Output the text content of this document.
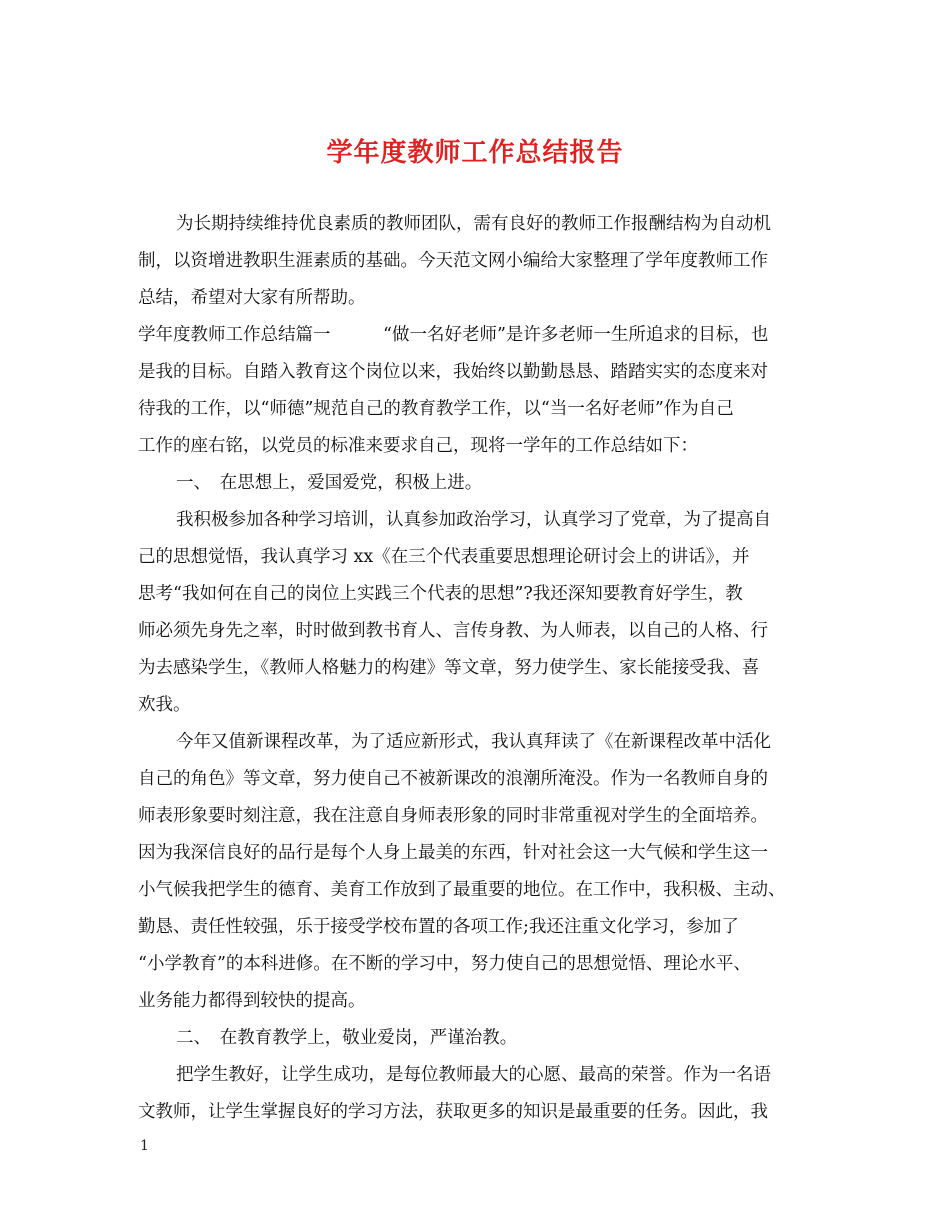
学年度教师工作总结报告
为长期持续维持优良素质的教师团队，需有良好的教师工作报酬结构为自动机
制，以资增进教职生涯素质的基础。今天范文网小编给大家整理了学年度教师工作
总结，希望对大家有所帮助。
学年度教师工作总结篇一　　　“做一名好老师”是许多老师一生所追求的目标，也
是我的目标。自踏入教育这个岗位以来，我始终以勤勤恳恳、踏踏实实的态度来对
待我的工作，以“师德”规范自己的教育教学工作，以“当一名好老师”作为自己
工作的座右铭，以党员的标准来要求自己，现将一学年的工作总结如下：
一、　在思想上，爱国爱党，积极上进。
我积极参加各种学习培训，认真参加政治学习，认真学习了党章，为了提高自
己的思想觉悟，我认真学习 xx《在三个代表重要思想理论研讨会上的讲话》，并
思考“我如何在自己的岗位上实践三个代表的思想”?我还深知要教育好学生，教
师必须先身先之率，时时做到教书育人、言传身教、为人师表，以自己的人格、行
为去感染学生，《教师人格魅力的构建》等文章，努力使学生、家长能接受我、喜
欢我。
今年又值新课程改革，为了适应新形式，我认真拜读了《在新课程改革中活化
自己的角色》等文章，努力使自己不被新课改的浪潮所淹没。作为一名教师自身的
师表形象要时刻注意，我在注意自身师表形象的同时非常重视对学生的全面培养。
因为我深信良好的品行是每个人身上最美的东西，针对社会这一大气候和学生这一
小气候我把学生的德育、美育工作放到了最重要的地位。在工作中，我积极、主动、
勤恳、责任性较强，乐于接受学校布置的各项工作;我还注重文化学习，参加了
“小学教育”的本科进修。在不断的学习中，努力使自己的思想觉悟、理论水平、
业务能力都得到较快的提高。
二、　在教育教学上，敬业爱岗，严谨治教。
把学生教好，让学生成功，是每位教师最大的心愿、最高的荣誉。作为一名语
文教师，让学生掌握良好的学习方法，获取更多的知识是最重要的任务。因此，我
1
